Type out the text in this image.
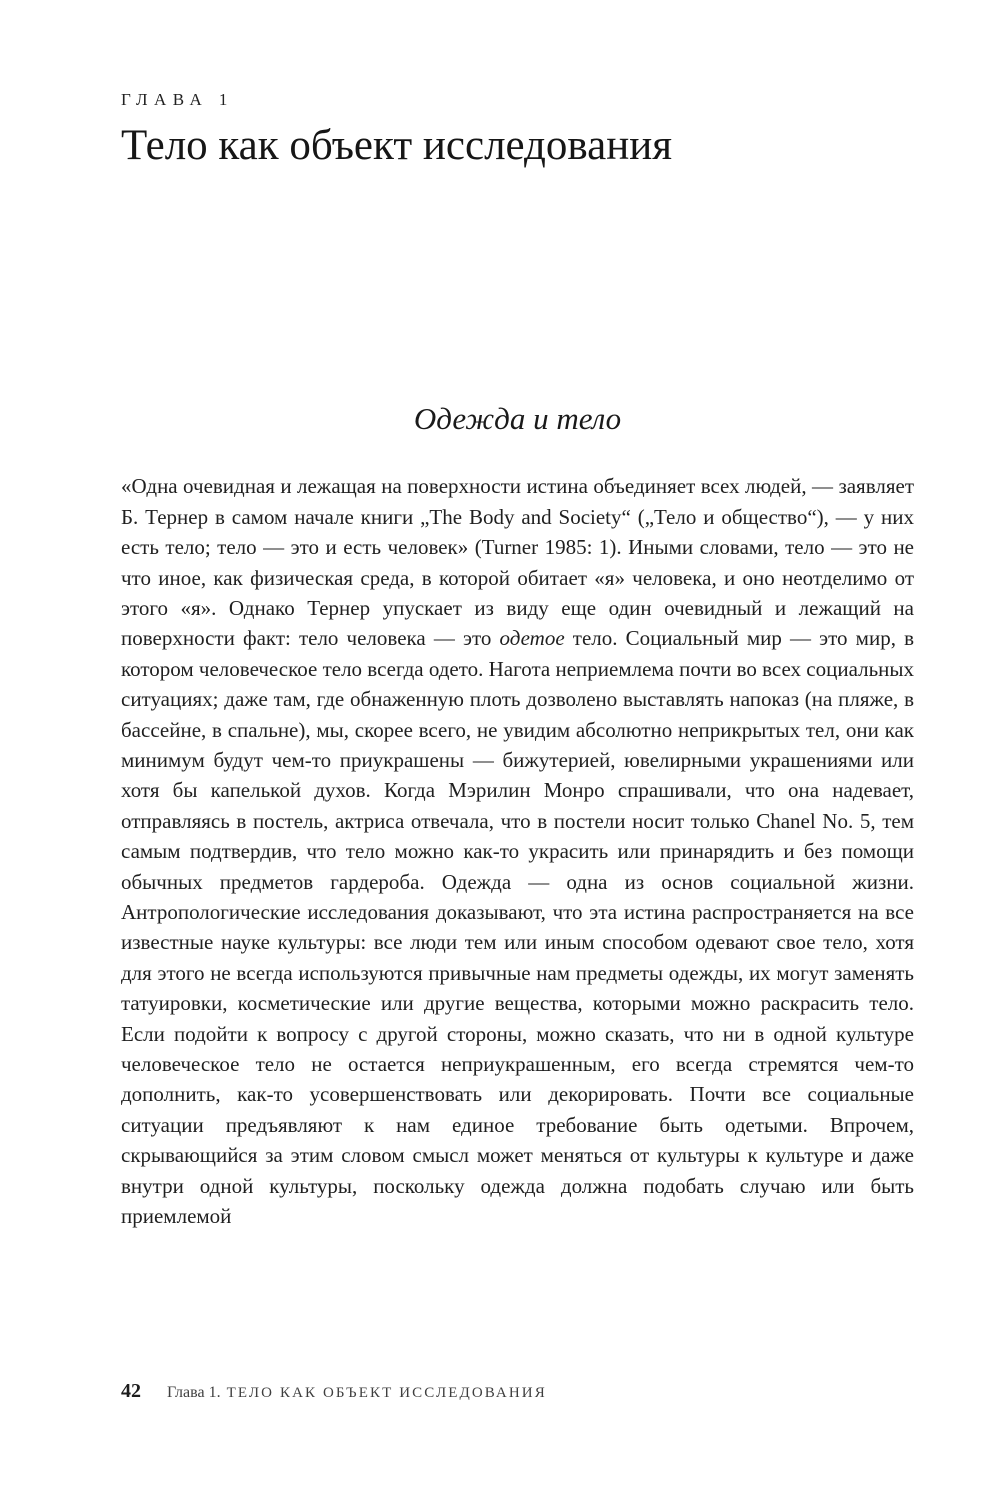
ГЛАВА 1
Тело как объект исследования
Одежда и тело

«Одна очевидная и лежащая на поверхности истина объединяет всех людей, — заявляет Б. Тернер в самом начале книги „The Body and Society“ („Тело и общество“), — у них есть тело; тело — это и есть человек» (Turner 1985: 1). Иными словами, тело — это не что иное, как физическая среда, в которой обитает «я» человека, и оно неотделимо от этого «я». Однако Тернер упускает из виду еще один очевидный и лежащий на поверхности факт: тело человека — это одетое тело. Социальный мир — это мир, в котором человеческое тело всегда одето. Нагота неприемлема почти во всех социальных ситуациях; даже там, где обнаженную плоть дозволено выставлять напоказ (на пляже, в бассейне, в спальне), мы, скорее всего, не увидим абсолютно неприкрытых тел, они как минимум будут чем-то приукрашены — бижутерией, ювелирными украшениями или хотя бы капелькой духов. Когда Мэрилин Монро спрашивали, что она надевает, отправляясь в постель, актриса отвечала, что в постели носит только Chanel No. 5, тем самым подтвердив, что тело можно как-то украсить или принарядить и без помощи обычных предметов гардероба. Одежда — одна из основ социальной жизни. Антропологические исследования доказывают, что эта истина распространяется на все известные науке культуры: все люди тем или иным способом одевают свое тело, хотя для этого не всегда используются привычные нам предметы одежды, их могут заменять татуировки, косметические или другие вещества, которыми можно раскрасить тело. Если подойти к вопросу с другой стороны, можно сказать, что ни в одной культуре человеческое тело не остается неприукрашенным, его всегда стремятся чем-то дополнить, как-то усовершенствовать или декорировать. Почти все социальные ситуации предъявляют к нам единое требование быть одетыми. Впрочем, скрывающийся за этим словом смысл может меняться от культуры к культуре и даже внутри одной культуры, поскольку одежда должна подобать случаю или быть приемлемой

42 Глава 1. ТЕЛО КАК ОБЪЕКТ ИССЛЕДОВАНИЯ
